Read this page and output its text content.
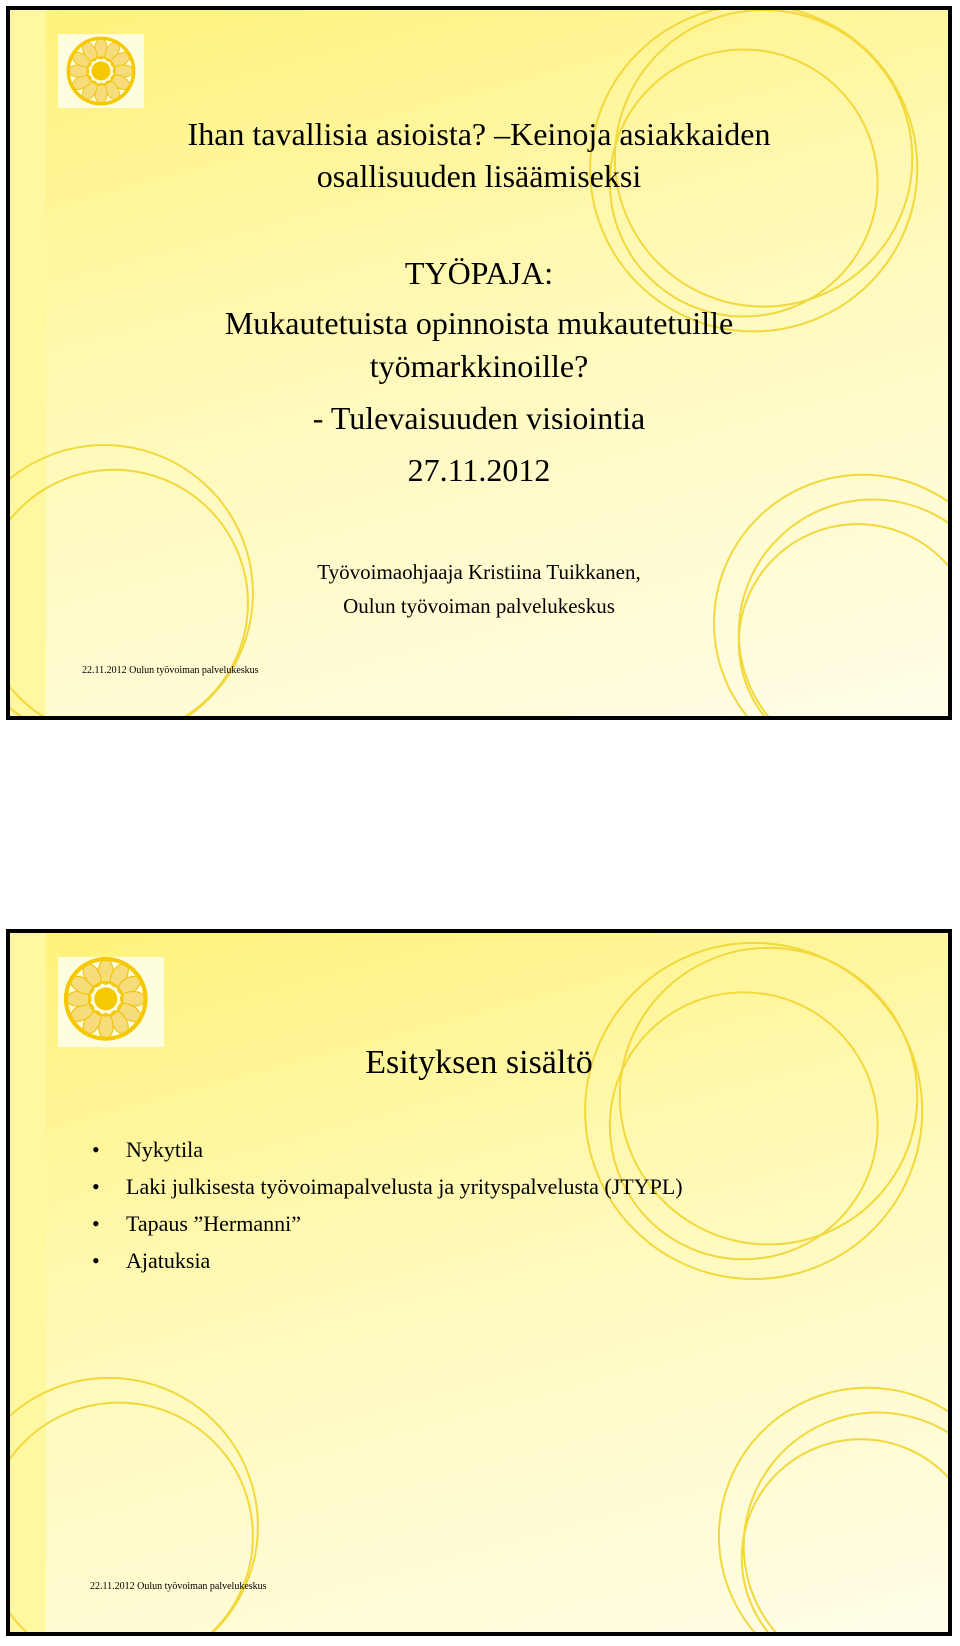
Ihan tavallisia asioista? –Keinoja asiakkaiden
osallisuuden lisäämiseksi
TYÖPAJA:
Mukautetuista opinnoista mukautetuille
työmarkkinoille?
- Tulevaisuuden visiointia
27.11.2012
Työvoimaohjaaja Kristiina Tuikkanen,
Oulun työvoiman palvelukeskus
22.11.2012 Oulun työvoiman palvelukeskus
Esityksen sisältö
• Nykytila
• Laki julkisesta työvoimapalvelusta ja yrityspalvelusta (JTYPL)
• Tapaus ”Hermanni”
• Ajatuksia
22.11.2012 Oulun työvoiman palvelukeskus
